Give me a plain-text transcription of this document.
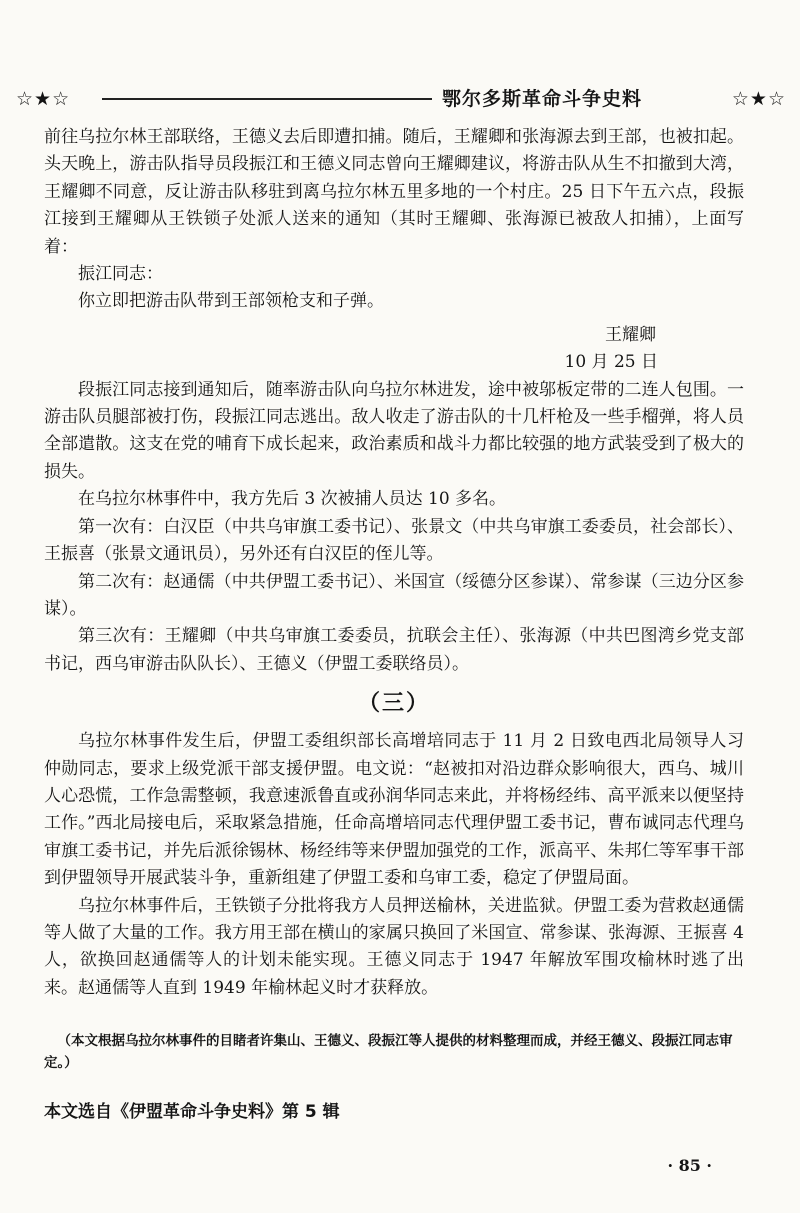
☆★☆	鄂尔多斯革命斗争史料	☆★☆

前往乌拉尔林王部联络，王德义去后即遭扣捕。随后，王耀卿和张海源去到王部，也被扣起。头天晚上，游击队指导员段振江和王德义同志曾向王耀卿建议，将游击队从生不扣撤到大湾，王耀卿不同意，反让游击队移驻到离乌拉尔林五里多地的一个村庄。25 日下午五六点，段振江接到王耀卿从王铁锁子处派人送来的通知（其时王耀卿、张海源已被敌人扣捕），上面写着：

振江同志：

你立即把游击队带到王部领枪支和子弹。

王耀卿

10 月 25 日

段振江同志接到通知后，随率游击队向乌拉尔林进发，途中被邬板定带的二连人包围。一游击队员腿部被打伤，段振江同志逃出。敌人收走了游击队的十几杆枪及一些手榴弹，将人员全部遣散。这支在党的哺育下成长起来，政治素质和战斗力都比较强的地方武装受到了极大的损失。

在乌拉尔林事件中，我方先后 3 次被捕人员达 10 多名。

第一次有：白汉臣（中共乌审旗工委书记）、张景文（中共乌审旗工委委员，社会部长）、王振喜（张景文通讯员），另外还有白汉臣的侄儿等。

第二次有：赵通儒（中共伊盟工委书记）、米国宣（绥德分区参谋）、常参谋（三边分区参谋）。

第三次有：王耀卿（中共乌审旗工委委员，抗联会主任）、张海源（中共巴图湾乡党支部书记，西乌审游击队队长）、王德义（伊盟工委联络员）。

（三）

乌拉尔林事件发生后，伊盟工委组织部长高增培同志于 11 月 2 日致电西北局领导人习仲勋同志，要求上级党派干部支援伊盟。电文说：“赵被扣对沿边群众影响很大，西乌、城川人心恐慌，工作急需整顿，我意速派鲁直或孙润华同志来此，并将杨经纬、高平派来以便坚持工作。”西北局接电后，采取紧急措施，任命高增培同志代理伊盟工委书记，曹布诚同志代理乌审旗工委书记，并先后派徐锡林、杨经纬等来伊盟加强党的工作，派高平、朱邦仁等军事干部到伊盟领导开展武装斗争，重新组建了伊盟工委和乌审工委，稳定了伊盟局面。

乌拉尔林事件后，王铁锁子分批将我方人员押送榆林，关进监狱。伊盟工委为营救赵通儒等人做了大量的工作。我方用王部在横山的家属只换回了米国宣、常参谋、张海源、王振喜 4 人，欲换回赵通儒等人的计划未能实现。王德义同志于 1947 年解放军围攻榆林时逃了出来。赵通儒等人直到 1949 年榆林起义时才获释放。

（本文根据乌拉尔林事件的目睹者许集山、王德义、段振江等人提供的材料整理而成，并经王德义、段振江同志审定。）

本文选自《伊盟革命斗争史料》第 5 辑
· 85 ·
